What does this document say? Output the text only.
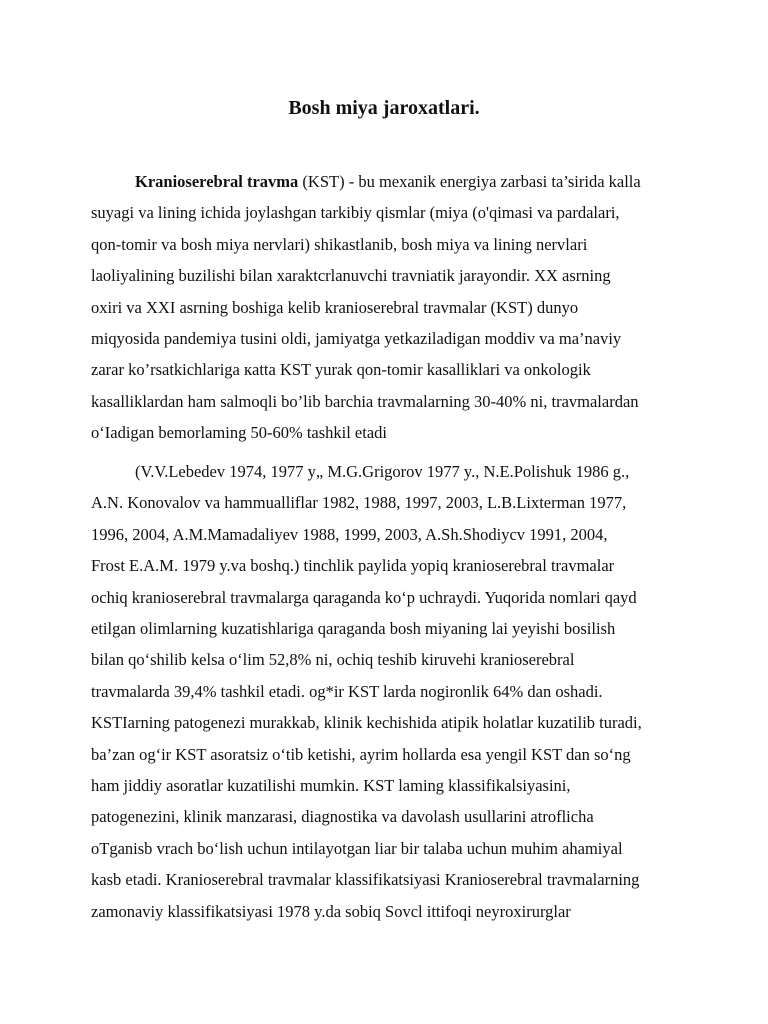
Bosh miya jaroxatlari.
Kranioserebral travma (KST) - bu mexanik energiya zarbasi ta’sirida kalla
suyagi va lining ichida joylashgan tarkibiy qismlar (miya (o'qimasi va pardalari,
qon-tomir va bosh miya nervlari) shikastlanib, bosh miya va lining nervlari
laoliyalining buzilishi bilan xaraktcrlanuvchi travniatik jarayondir. XX asrning
oxiri va XXI asrning boshiga kelib kranioserebral travmalar (KST) dunyo
miqyosida pandemiya tusini oldi, jamiyatga yetkaziladigan moddiv va ma’naviy
zarar ko’rsatkichlariga кatta KST yurak qon-tomir kasalliklari va onkologik
kasalliklardan ham salmoqli bo’lib barchia travmalarning 30-40% ni, travmalardan
o‘Iadigan bemorlaming 50-60% tashkil etadi
(V.V.Lebedev 1974, 1977 y„ M.G.Grigorov 1977 y., N.E.Polishuk 1986 g.,
A.N. Konovalov va hammualliflar 1982, 1988, 1997, 2003, L.B.Lixterman 1977,
1996, 2004, A.M.Mamadaliyev 1988, 1999, 2003, A.Sh.Shodiycv 1991, 2004,
Frost E.A.M. 1979 y.va boshq.) tinchlik paylida yopiq kranioserebral travmalar
ochiq kranioserebral travmalarga qaraganda ko‘p uchraydi. Yuqorida nomlari qayd
etilgan olimlarning kuzatishlariga qaraganda bosh miyaning lai yeyishi bosilish
bilan qo‘shilib kelsa o‘lim 52,8% ni, ochiq teshib kiruvehi kranioserebral
travmalarda 39,4% tashkil etadi. og*ir KST larda nogironlik 64% dan oshadi.
KSTIarning patogenezi murakkab, klinik kechishida atipik holatlar kuzatilib turadi,
ba’zan og‘ir KST asoratsiz o‘tib ketishi, ayrim hollarda esa yengil KST dan so‘ng
ham jiddiy asoratlar kuzatilishi mumkin. KST laming klassifikalsiyasini,
patogenezini, klinik manzarasi, diagnostika va davolash usullarini atroflicha
oTganisb vrach bo‘lish uchun intilayotgan liar bir talaba uchun muhim ahamiyal
kasb etadi. Kranioserebral travmalar klassifikatsiyasi Kranioserebral travmalarning
zamonaviy klassifikatsiyasi 1978 y.da sobiq Sovcl ittifoqi neyroxirurglar
